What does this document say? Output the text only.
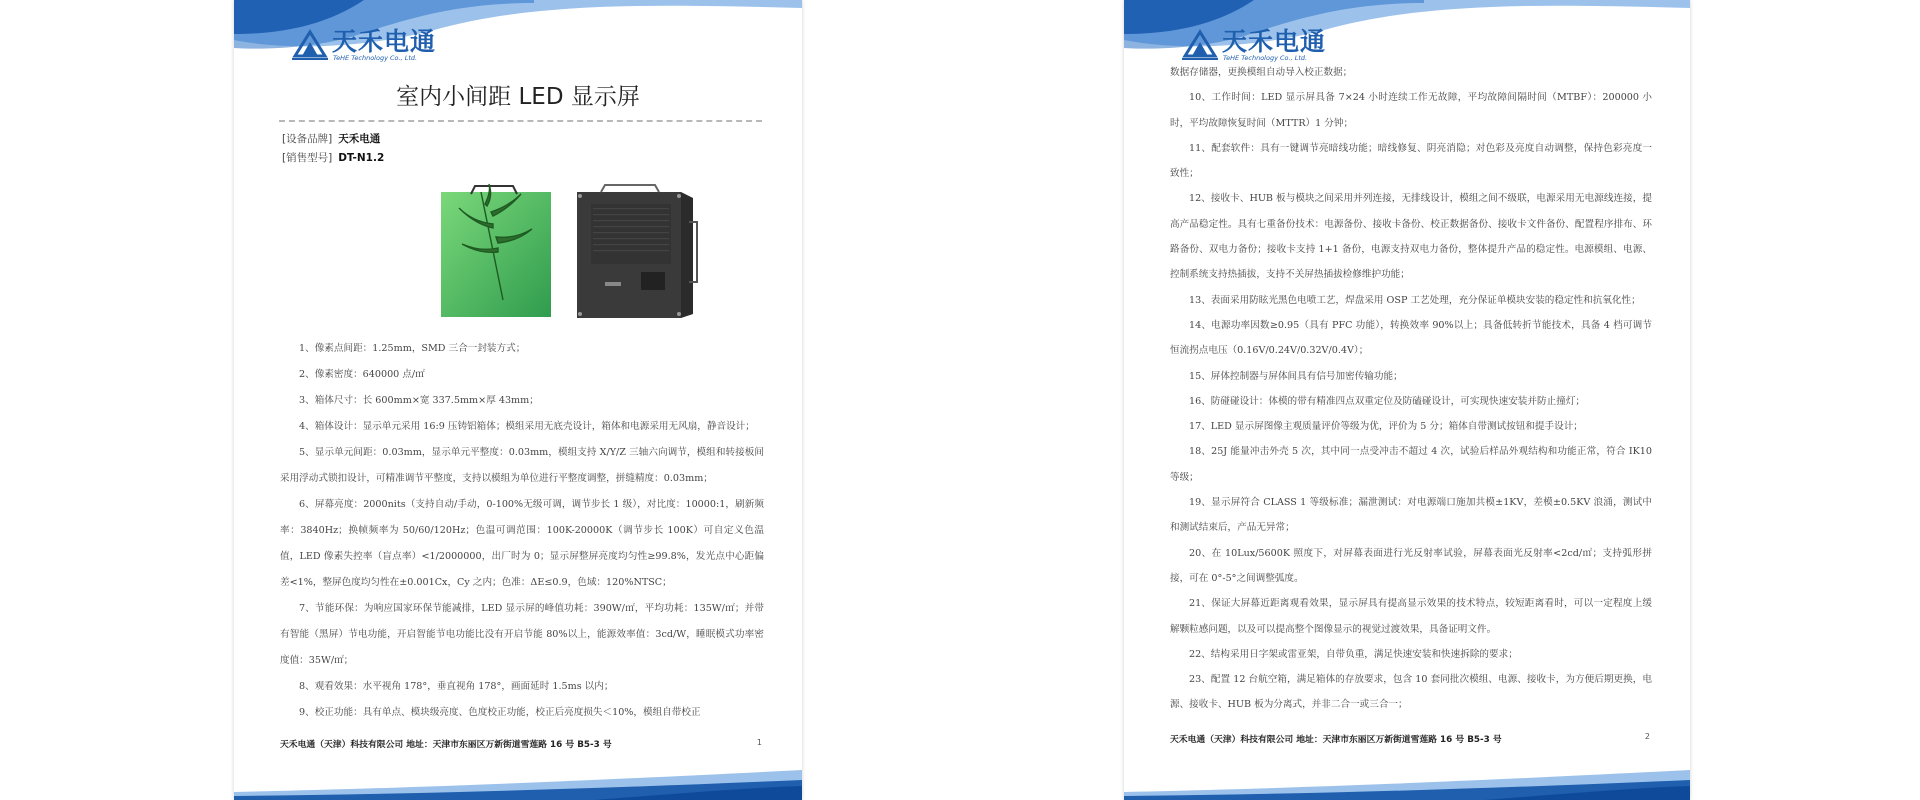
天禾电通
TeHE Technology Co., Ltd.
室内小间距 LED 显示屏
[设备品牌] 天禾电通
[销售型号] DT-N1.2

1、像素点间距：1.25mm，SMD 三合一封装方式；

2、像素密度：640000 点/㎡

3、箱体尺寸：长 600mm×宽 337.5mm×厚 43mm；

4、箱体设计：显示单元采用 16:9 压铸铝箱体；模组采用无底壳设计，箱体和电源采用无风扇，静音设计；

5、显示单元间距：0.03mm，显示单元平整度：0.03mm，模组支持 X/Y/Z 三轴六向调节，模组和转接板间采用浮动式锁扣设计，可精准调节平整度，支持以模组为单位进行平整度调整，拼缝精度：0.03mm；

6、屏幕亮度：2000nits（支持自动/手动，0-100%无级可调，调节步长 1 级），对比度：10000:1，刷新频率：3840Hz；换帧频率为 50/60/120Hz；色温可调范围：100K-20000K（调节步长 100K）可自定义色温值，LED 像素失控率（盲点率）<1/2000000，出厂时为 0；显示屏整屏亮度均匀性≥99.8%，发光点中心距偏差<1%，整屏色度均匀性在±0.001Cx，Cy 之内；色准：ΔE≤0.9，色域：120%NTSC；

7、节能环保：为响应国家环保节能减排，LED 显示屏的峰值功耗：390W/㎡，平均功耗：135W/㎡；并带有智能（黑屏）节电功能，开启智能节电功能比没有开启节能 80%以上，能源效率值：3cd/W，睡眠模式功率密度值：35W/㎡；

8、观看效果：水平视角 178°，垂直视角 178°，画面延时 1.5ms 以内；

9、校正功能：具有单点、模块级亮度、色度校正功能，校正后亮度损失＜10%，模组自带校正

天禾电通（天津）科技有限公司 地址：天津市东丽区万新街道雪莲路 16 号 B5-3 号	1
天禾电通
TeHE Technology Co., Ltd.

数据存储器，更换模组自动导入校正数据；

10、工作时间：LED 显示屏具备 7×24 小时连续工作无故障，平均故障间隔时间（MTBF）：200000 小时，平均故障恢复时间（MTTR）1 分钟；

11、配套软件：具有一键调节亮暗线功能；暗线修复、阴亮消隐；对色彩及亮度自动调整，保持色彩亮度一致性；

12、接收卡、HUB 板与模块之间采用并列连接，无排线设计，模组之间不级联，电源采用无电源线连接，提高产品稳定性。具有七重备份技术：电源备份、接收卡备份、校正数据备份、接收卡文件备份、配置程序排布、环路备份、双电力备份；接收卡支持 1+1 备份，电源支持双电力备份，整体提升产品的稳定性。电源模组、电源、控制系统支持热插拔，支持不关屏热插拔检修维护功能；

13、表面采用防眩光黑色电喷工艺，焊盘采用 OSP 工艺处理，充分保证单模块安装的稳定性和抗氧化性；

14、电源功率因数≥0.95（具有 PFC 功能），转换效率 90%以上；具备低转折节能技术，具备 4 档可调节恒流拐点电压（0.16V/0.24V/0.32V/0.4V）；

15、屏体控制器与屏体间具有信号加密传输功能；

16、防碰碰设计：体模的带有精准四点双重定位及防磕碰设计，可实现快速安装并防止撞灯；

17、LED 显示屏图像主观质量评价等级为优，评价为 5 分；箱体自带测试按钮和提手设计；

18、25J 能量冲击外壳 5 次，其中同一点受冲击不超过 4 次，试验后样品外观结构和功能正常，符合 IK10 等级；

19、显示屏符合 CLASS 1 等级标准；漏泄测试：对电源端口施加共模±1KV，差模±0.5KV 浪涌，测试中和测试结束后，产品无异常；

20、在 10Lux/5600K 照度下，对屏幕表面进行光反射率试验，屏幕表面光反射率<2cd/㎡；支持弧形拼接，可在 0°-5°之间调整弧度。

21、保证大屏幕近距离观看效果，显示屏具有提高显示效果的技术特点，较短距离看时，可以一定程度上缓解颗粒感问题，以及可以提高整个图像显示的视觉过渡效果，具备证明文件。

22、结构采用日字架或雷亚架，自带负重，满足快速安装和快速拆除的要求；

23、配置 12 台航空箱，满足箱体的存放要求，包含 10 套同批次模组、电源、接收卡，为方便后期更换，电源、接收卡、HUB 板为分离式，并非二合一或三合一；

天禾电通（天津）科技有限公司 地址：天津市东丽区万新街道雪莲路 16 号 B5-3 号	2
